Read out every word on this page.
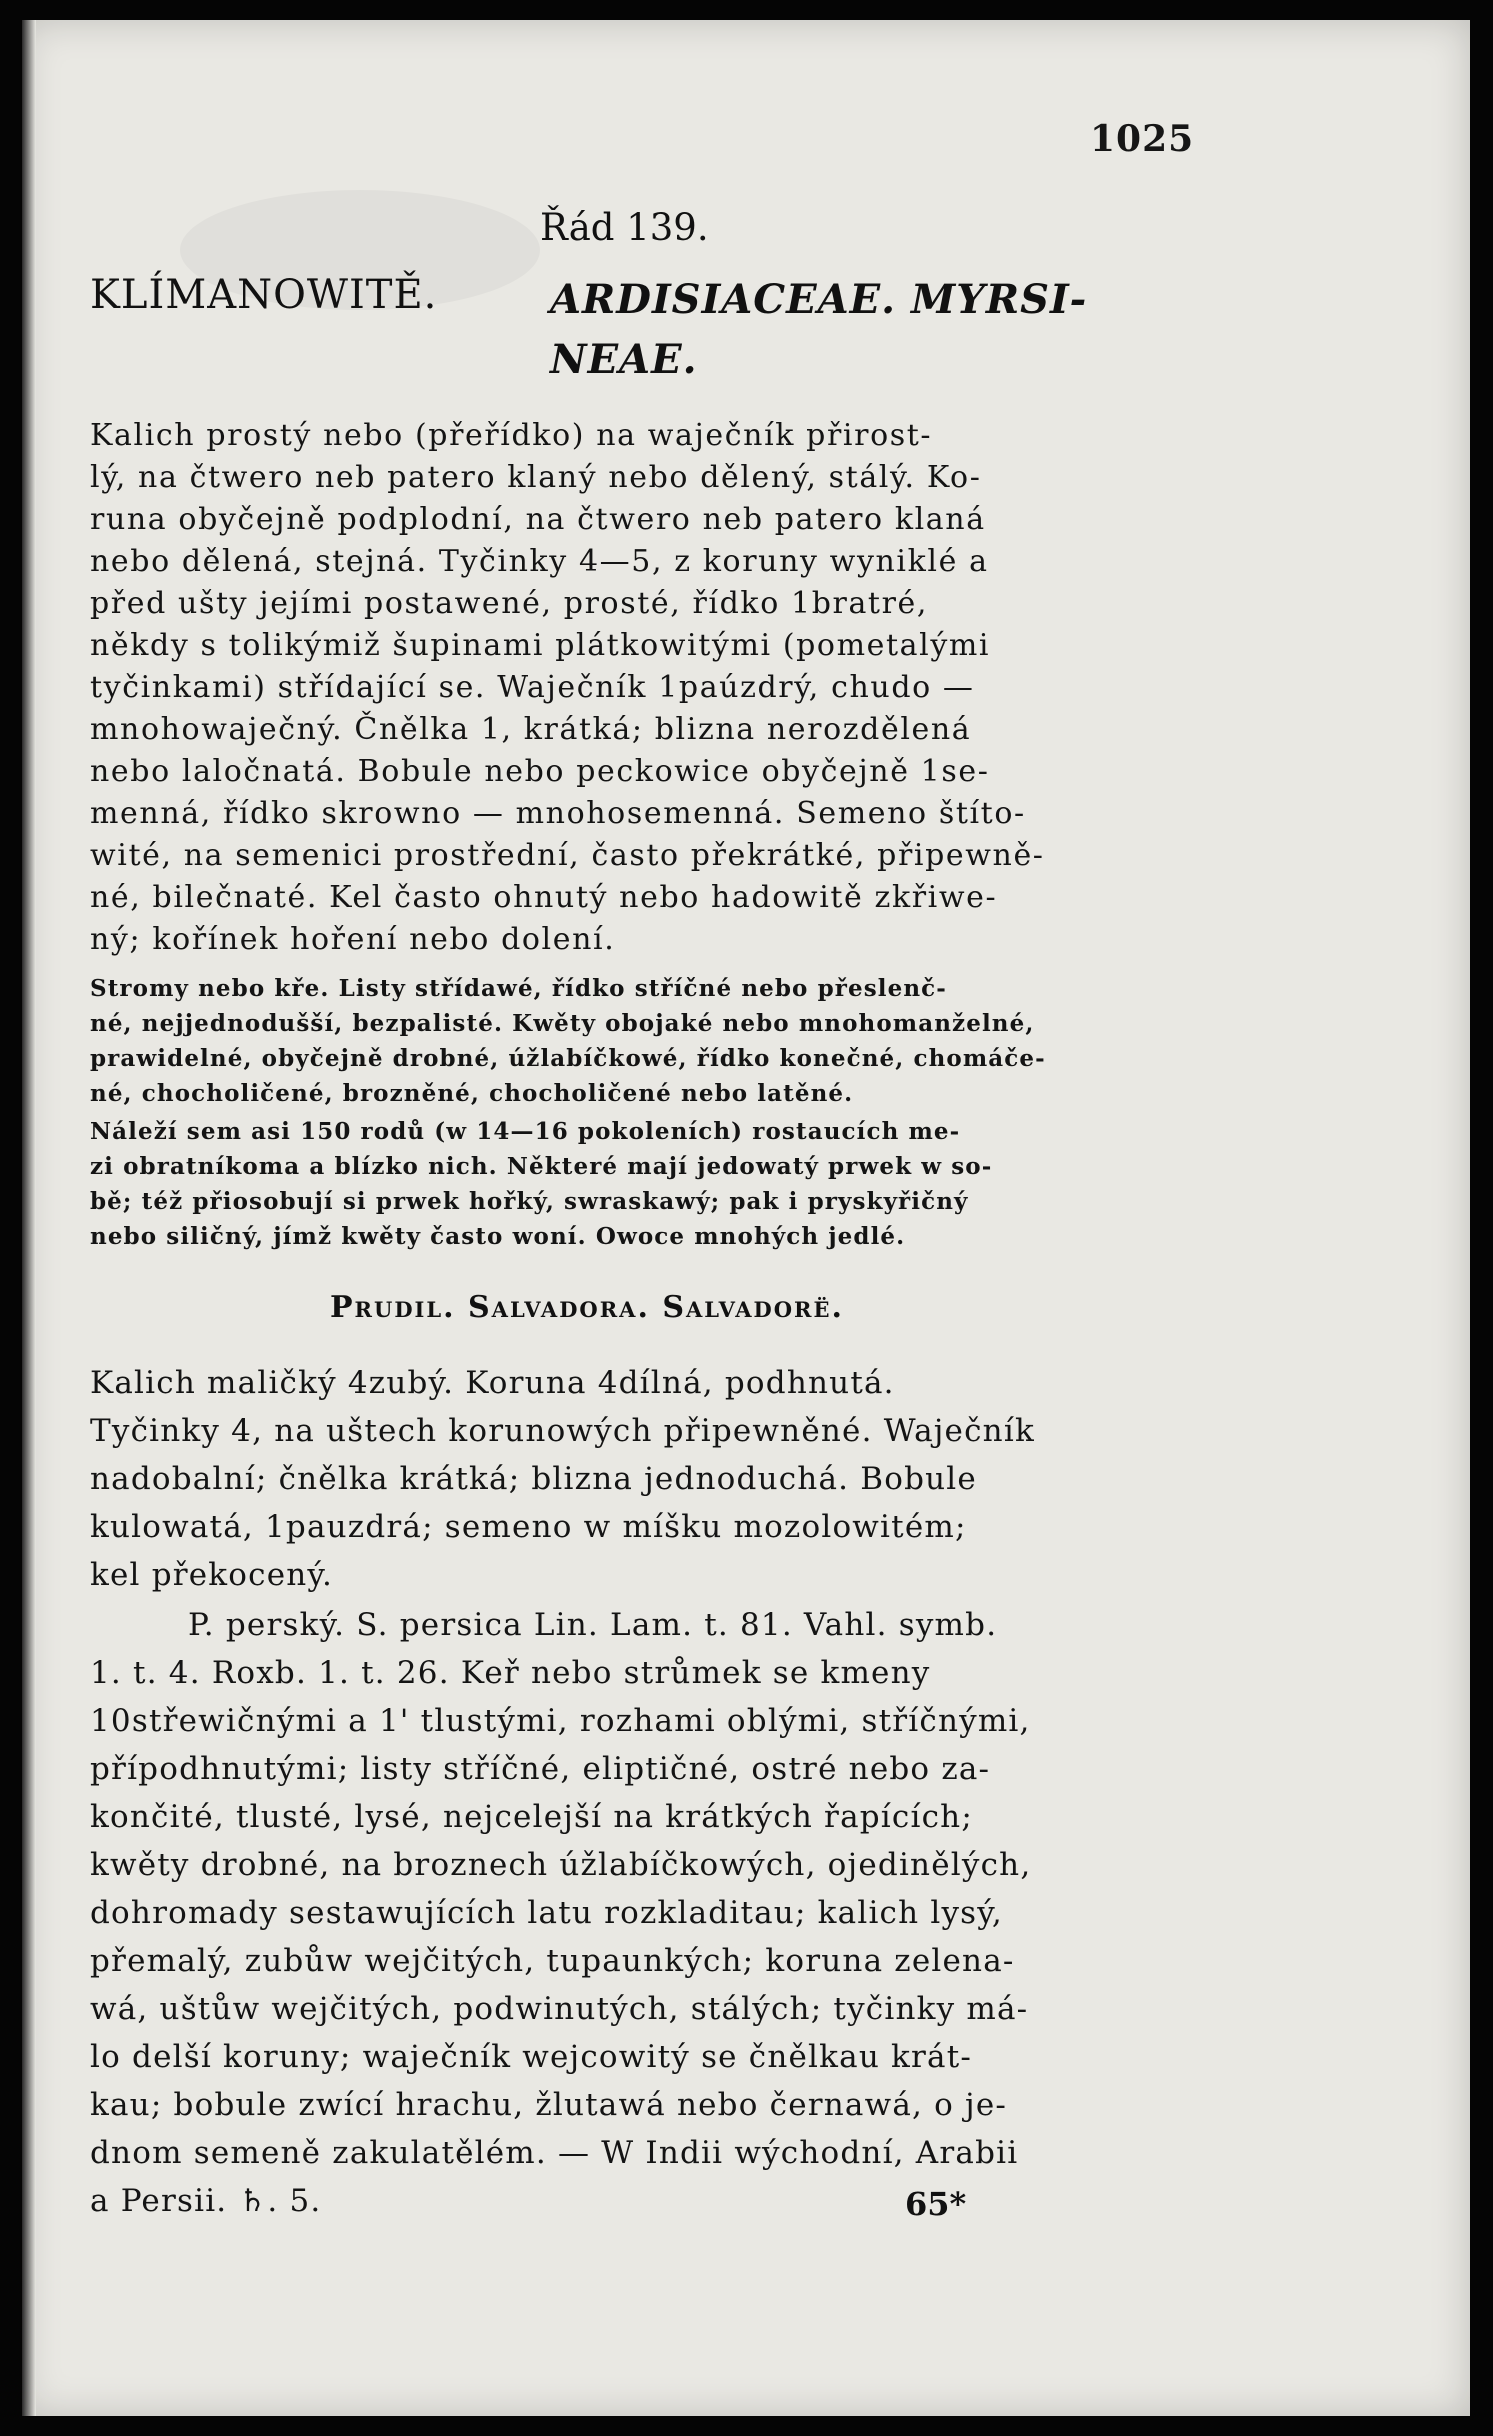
1025
Řád 139.
KLÍMANOWITĚ.	ARDISIACEAE. MYRSI-NEAE.

Kalich prostý nebo (přeřídko) na waječník přirost-

lý, na čtwero neb patero klaný nebo dělený, stálý. Ko-

runa obyčejně podplodní, na čtwero neb patero klaná

nebo dělená, stejná. Tyčinky 4—5, z koruny wyniklé a

před ušty jejími postawené, prosté, řídko 1bratré,

někdy s tolikýmiž šupinami plátkowitými (pometalými

tyčinkami) střídající se. Waječník 1paúzdrý, chudo —

mnohowaječný. Čnělka 1, krátká; blizna nerozdělená

nebo laločnatá. Bobule nebo peckowice obyčejně 1se-

menná, řídko skrowno — mnohosemenná. Semeno štíto-

wité, na semenici prostřední, často překrátké, připewně-

né, bilečnaté. Kel často ohnutý nebo hadowitě zkřiwe-

ný; kořínek hoření nebo dolení.

Stromy nebo kře. Listy střídawé, řídko stříčné nebo přeslenč-

né, nejjednodušší, bezpalisté. Kwěty obojaké nebo mnohomanželné,

prawidelné, obyčejně drobné, úžlabíčkowé, řídko konečné, chomáče-

né, chocholičené, brozněné, chocholičené nebo latěné.

Náleží sem asi 150 rodů (w 14—16 pokoleních) rostaucích me-

zi obratníkoma a blízko nich. Některé mají jedowatý prwek w so-

bě; též přiosobují si prwek hořký, swraskawý; pak i pryskyřičný

nebo siličný, jímž kwěty často woní. Owoce mnohých jedlé.

Prudil. Salvadora. Salvadorë.

Kalich maličký 4zubý. Koruna 4dílná, podhnutá.

Tyčinky 4, na uštech korunowých připewněné. Waječník

nadobalní; čnělka krátká; blizna jednoduchá. Bobule

kulowatá, 1pauzdrá; semeno w míšku mozolowitém;

kel překocený.

P. perský. S. persica Lin. Lam. t. 81. Vahl. symb.

1. t. 4. Roxb. 1. t. 26. Keř nebo strůmek se kmeny

10střewičnými a 1' tlustými, rozhami oblými, stříčnými,

přípodhnutými; listy stříčné, eliptičné, ostré nebo za-

končité, tlusté, lysé, nejcelejší na krátkých řapících;

kwěty drobné, na broznech úžlabíčkowých, ojedinělých,

dohromady sestawujících latu rozkladitau; kalich lysý,

přemalý, zubůw wejčitých, tupaunkých; koruna zelena-

wá, uštůw wejčitých, podwinutých, stálých; tyčinky má-

lo delší koruny; waječník wejcowitý se čnělkau krát-

kau; bobule zwící hrachu, žlutawá nebo černawá, o je-

dnom semeně zakulatělém. — W Indii wýchodní, Arabii

a Persii. ♄. 5.	65*
